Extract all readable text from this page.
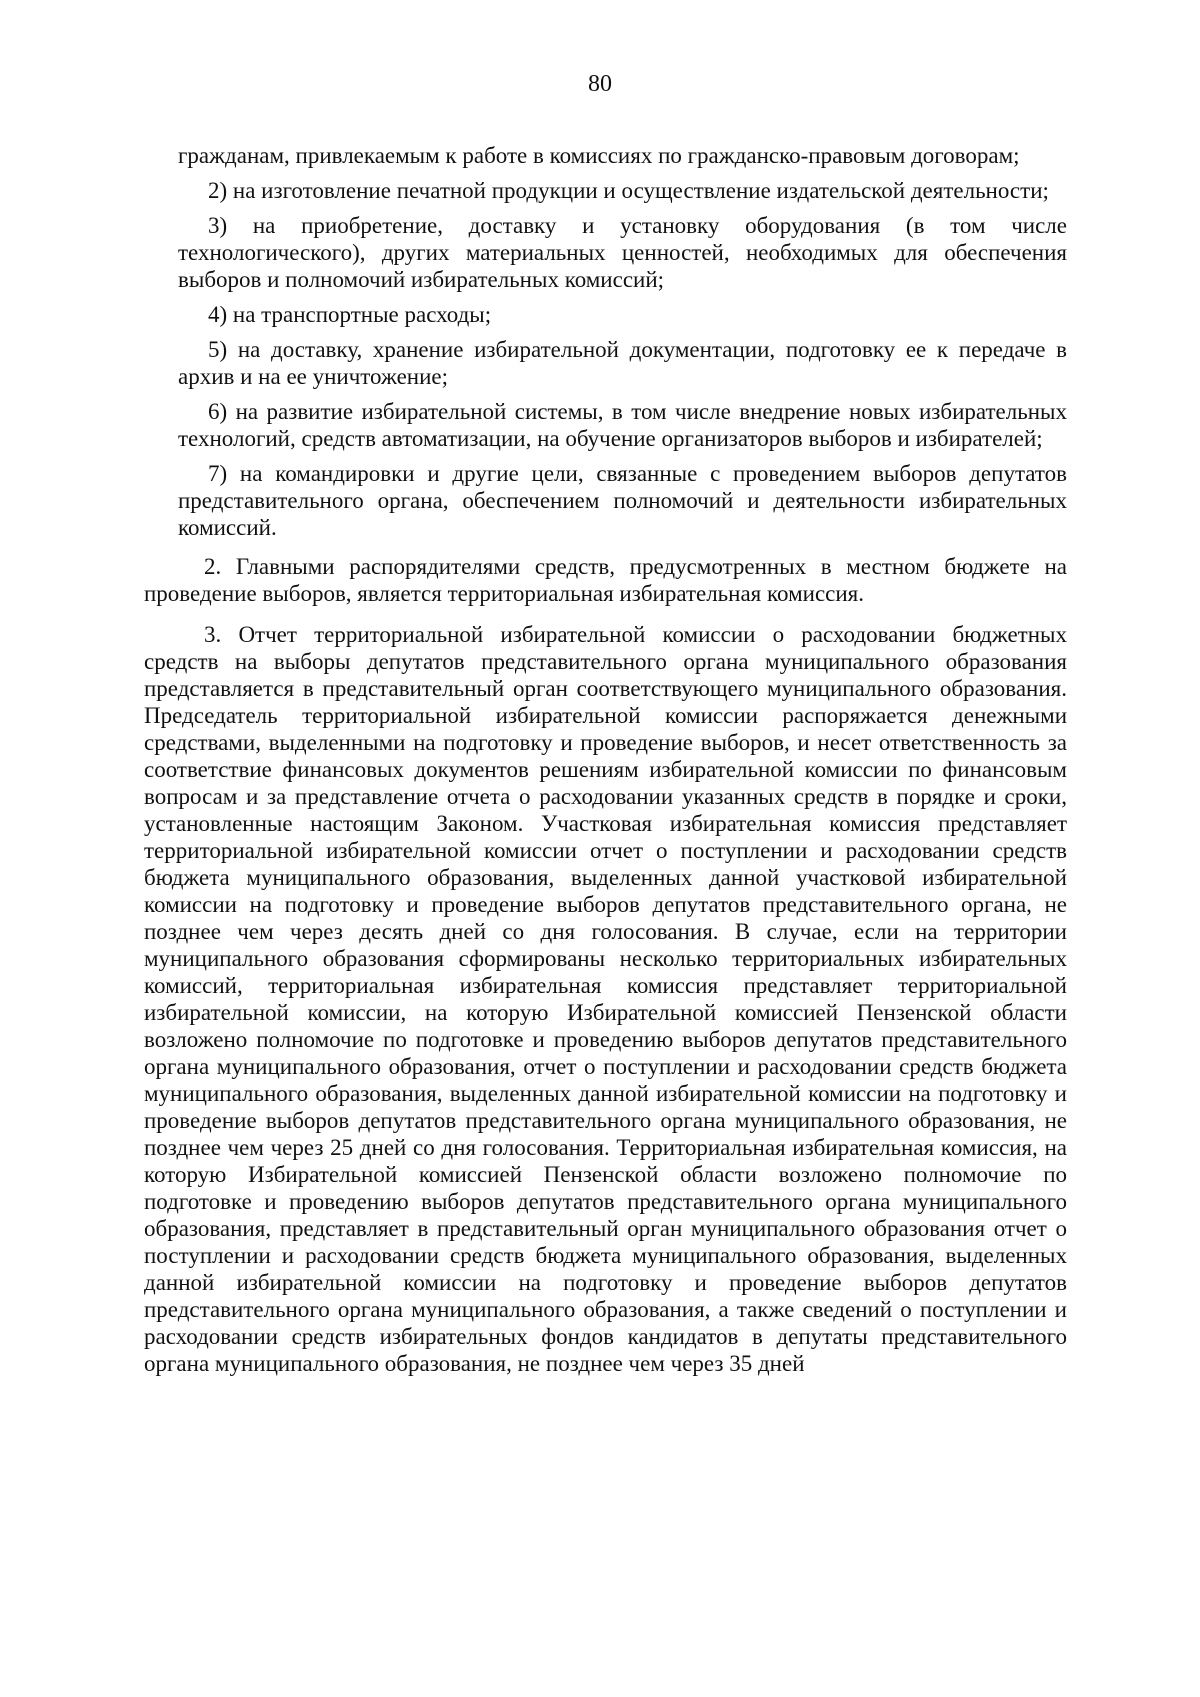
80

гражданам, привлекаемым к работе в комиссиях по гражданско-правовым договорам;

2) на изготовление печатной продукции и осуществление издательской деятельности;

3) на приобретение, доставку и установку оборудования (в том числе технологического), других материальных ценностей, необходимых для обеспечения выборов и полномочий избирательных комиссий;

4) на транспортные расходы;

5) на доставку, хранение избирательной документации, подготовку ее к передаче в архив и на ее уничтожение;

6) на развитие избирательной системы, в том числе внедрение новых избирательных технологий, средств автоматизации, на обучение организаторов выборов и избирателей;

7) на командировки и другие цели, связанные с проведением выборов депутатов представительного органа, обеспечением полномочий и деятельности избирательных комиссий.

2. Главными распорядителями средств, предусмотренных в местном бюджете на проведение выборов, является территориальная избирательная комиссия.

3. Отчет территориальной избирательной комиссии о расходовании бюджетных средств на выборы депутатов представительного органа муниципального образования представляется в представительный орган соответствующего муниципального образования. Председатель территориальной избирательной комиссии распоряжается денежными средствами, выделенными на подготовку и проведение выборов, и несет ответственность за соответствие финансовых документов решениям избирательной комиссии по финансовым вопросам и за представление отчета о расходовании указанных средств в порядке и сроки, установленные настоящим Законом. Участковая избирательная комиссия представляет территориальной избирательной комиссии отчет о поступлении и расходовании средств бюджета муниципального образования, выделенных данной участковой избирательной комиссии на подготовку и проведение выборов депутатов представительного органа, не позднее чем через десять дней со дня голосования. В случае, если на территории муниципального образования сформированы несколько территориальных избирательных комиссий, территориальная избирательная комиссия представляет территориальной избирательной комиссии, на которую Избирательной комиссией Пензенской области возложено полномочие по подготовке и проведению выборов депутатов представительного органа муниципального образования, отчет о поступлении и расходовании средств бюджета муниципального образования, выделенных данной избирательной комиссии на подготовку и проведение выборов депутатов представительного органа муниципального образования, не позднее чем через 25 дней со дня голосования. Территориальная избирательная комиссия, на которую Избирательной комиссией Пензенской области возложено полномочие по подготовке и проведению выборов депутатов представительного органа муниципального образования, представляет в представительный орган муниципального образования отчет о поступлении и расходовании средств бюджета муниципального образования, выделенных данной избирательной комиссии на подготовку и проведение выборов депутатов представительного органа муниципального образования, а также сведений о поступлении и расходовании средств избирательных фондов кандидатов в депутаты представительного органа муниципального образования, не позднее чем через 35 дней
